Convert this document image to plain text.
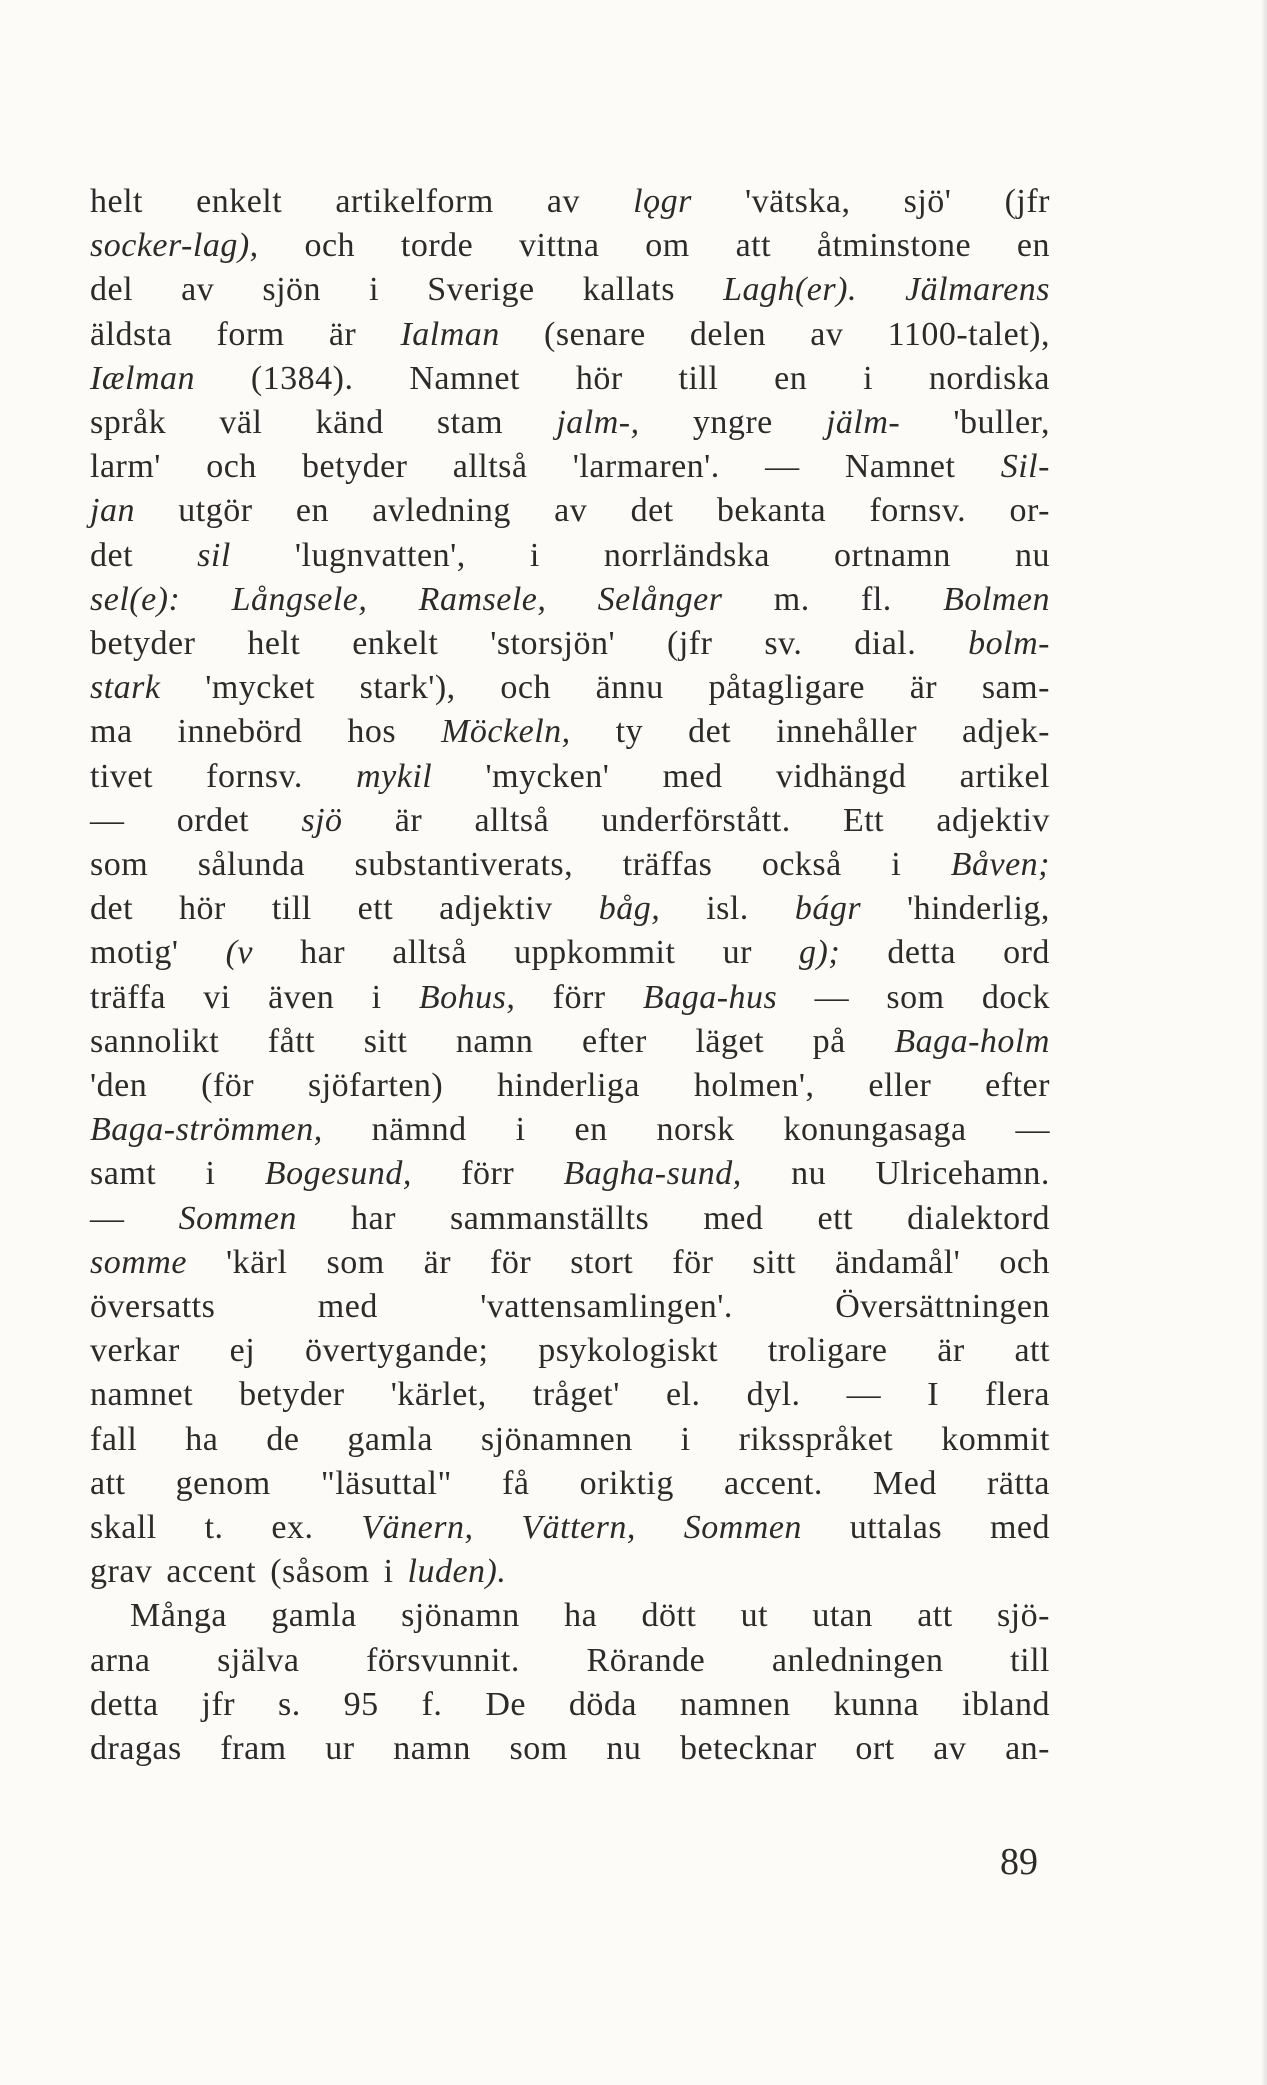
helt enkelt artikelform av lǫgr 'vätska, sjö' (jfr
socker-lag), och torde vittna om att åtminstone en
del av sjön i Sverige kallats Lagh(er). Jälmarens
äldsta form är Ialman (senare delen av 1100-talet),
Iælman (1384). Namnet hör till en i nordiska
språk väl känd stam jalm-, yngre jälm- 'buller,
larm' och betyder alltså 'larmaren'. — Namnet Sil-
jan utgör en avledning av det bekanta fornsv. or-
det sil 'lugnvatten', i norrländska ortnamn nu
sel(e): Långsele, Ramsele, Selånger m. fl. Bolmen
betyder helt enkelt 'storsjön' (jfr sv. dial. bolm-
stark 'mycket stark'), och ännu påtagligare är sam-
ma innebörd hos Möckeln, ty det innehåller adjek-
tivet fornsv. mykil 'mycken' med vidhängd artikel
— ordet sjö är alltså underförstått. Ett adjektiv
som sålunda substantiverats, träffas också i Båven;
det hör till ett adjektiv båg, isl. bágr 'hinderlig,
motig' (v har alltså uppkommit ur g); detta ord
träffa vi även i Bohus, förr Baga-hus — som dock
sannolikt fått sitt namn efter läget på Baga-holm
'den (för sjöfarten) hinderliga holmen', eller efter
Baga-strömmen, nämnd i en norsk konungasaga —
samt i Bogesund, förr Bagha-sund, nu Ulricehamn.
— Sommen har sammanställts med ett dialektord
somme 'kärl som är för stort för sitt ändamål' och
översatts	med	'vattensamlingen'.	Översättningen
verkar ej övertygande; psykologiskt troligare är att
namnet betyder 'kärlet, tråget' el. dyl. — I flera
fall ha de gamla sjönamnen i riksspråket kommit
att genom "läsuttal" få oriktig accent. Med rätta
skall t. ex. Vänern, Vättern, Sommen uttalas med
grav accent (såsom i luden).
Många gamla sjönamn ha dött ut utan att sjö-
arna själva försvunnit. Rörande anledningen till
detta jfr s. 95 f. De döda namnen kunna ibland
dragas fram ur namn som nu betecknar ort av an-
89
